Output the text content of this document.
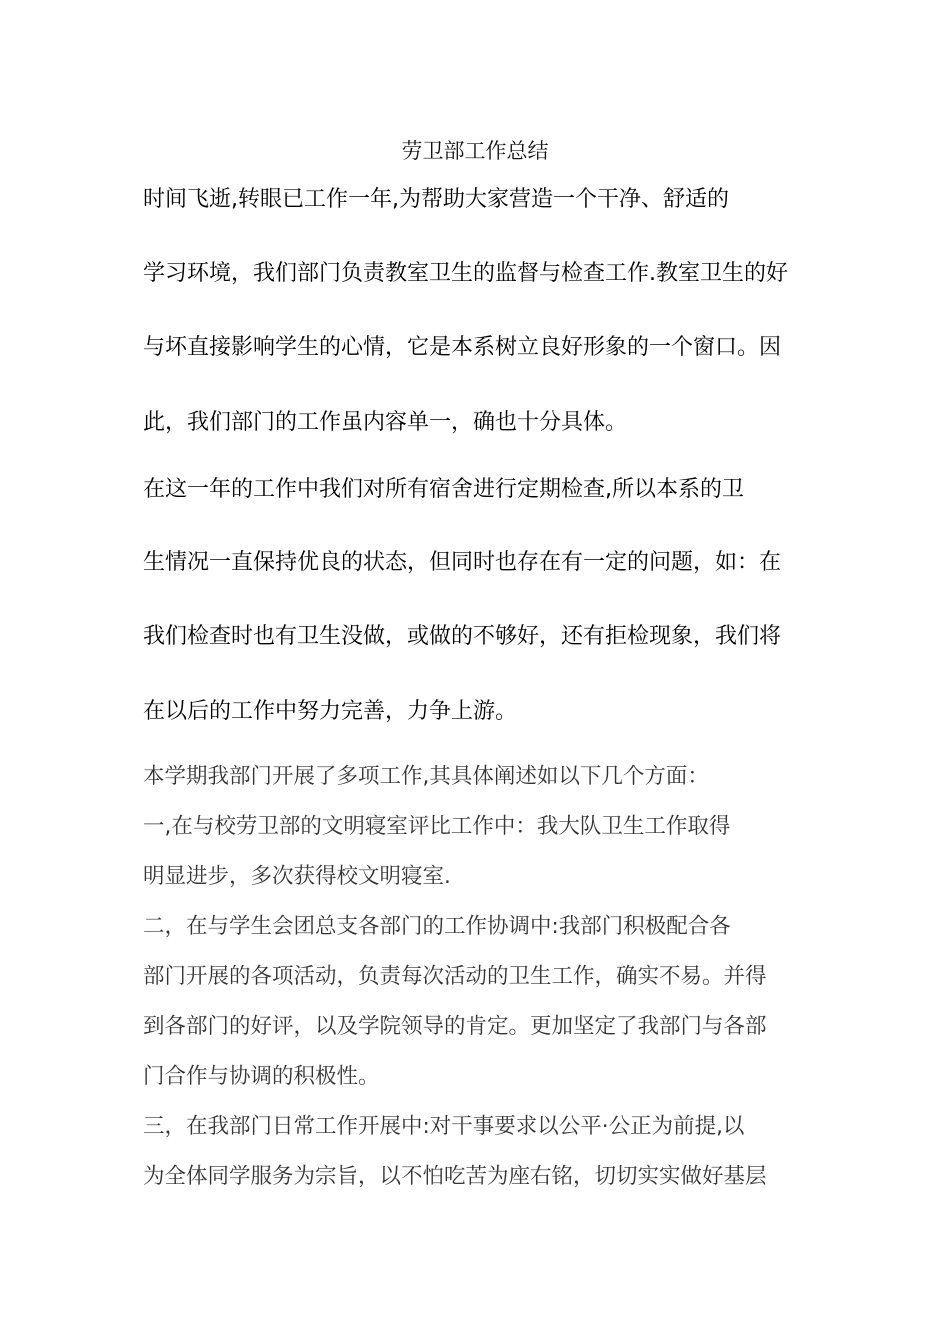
劳卫部工作总结
时间飞逝,转眼已工作一年,为帮助大家营造一个干净、舒适的
学习环境，我们部门负责教室卫生的监督与检查工作.教室卫生的好
与坏直接影响学生的心情，它是本系树立良好形象的一个窗口。因
此，我们部门的工作虽内容单一，确也十分具体。
在这一年的工作中我们对所有宿舍进行定期检查,所以本系的卫
生情况一直保持优良的状态，但同时也存在有一定的问题，如：在
我们检查时也有卫生没做，或做的不够好，还有拒检现象，我们将
在以后的工作中努力完善，力争上游。
本学期我部门开展了多项工作,其具体阐述如以下几个方面：
一,在与校劳卫部的文明寝室评比工作中：我大队卫生工作取得
明显进步，多次获得校文明寝室.
二，在与学生会团总支各部门的工作协调中:我部门积极配合各
部门开展的各项活动，负责每次活动的卫生工作，确实不易。并得
到各部门的好评，以及学院领导的肯定。更加坚定了我部门与各部
门合作与协调的积极性。
三，在我部门日常工作开展中:对干事要求以公平·公正为前提,以
为全体同学服务为宗旨，以不怕吃苦为座右铭，切切实实做好基层
